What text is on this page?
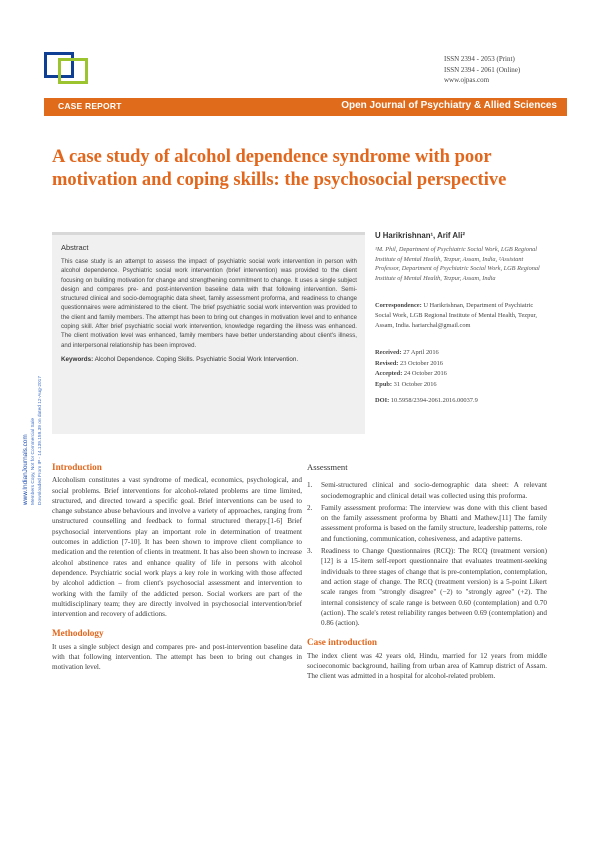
ISSN 2394 - 2053 (Print)
ISSN 2394 - 2061 (Online)
www.ojpas.com
CASE REPORT	Open Journal of Psychiatry & Allied Sciences
A case study of alcohol dependence syndrome with poor motivation and coping skills: the psychosocial perspective
Abstract
This case study is an attempt to assess the impact of psychiatric social work intervention in person with alcohol dependence. Psychiatric social work intervention (brief intervention) was provided to the client focusing on building motivation for change and strengthening commitment to change. It uses a single subject design and compares pre- and post-intervention baseline data with that following intervention. Semi-structured clinical and socio-demographic data sheet, family assessment proforma, and readiness to change questionnaires were administered to the client. The brief psychiatric social work intervention was provided to the client and family members. The attempt has been to bring out changes in motivation level and to enhance coping skill. After brief psychiatric social work intervention, knowledge regarding the illness was enhanced. The client motivation level was enhanced, family members have better understanding about client's illness, and interpersonal relationship has been improved.
Keywords: Alcohol Dependence. Coping Skills. Psychiatric Social Work Intervention.
U Harikrishnan¹, Arif Ali²
¹M. Phil, Department of Psychiatric Social Work, LGB Regional Institute of Mental Health, Tezpur, Assam, India, ²Assistant Professor, Department of Psychiatric Social Work, LGB Regional Institute of Mental Health, Tezpur, Assam, India
Correspondence: U Harikrishnan, Department of Psychiatric Social Work, LGB Regional Institute of Mental Health, Tezpur, Assam, India. hariarchal@gmail.com
Received: 27 April 2016
Revised: 23 October 2016
Accepted: 24 October 2016
Epub: 31 October 2016
DOI: 10.5958/2394-2061.2016.00037.9
www.IndianJournals.com Members Copy, Not for Commercial Sale Downloaded From IP - 14.139.159.39 on dated 12-Aug-2017 Introduction

Alcoholism constitutes a vast syndrome of medical, economics, psychological, and social problems. Brief interventions for alcohol-related problems are time limited, structured, and directed toward a specific goal. Brief interventions can be used to change substance abuse behaviours and involve a variety of approaches, ranging from unstructured counselling and feedback to formal structured therapy.[1-6] Brief psychosocial interventions play an important role in determination of treatment outcomes in addiction [7-10]. It has been shown to improve client compliance to medication and the retention of clients in treatment. It has also been shown to increase alcohol abstinence rates and enhance quality of life in persons with alcohol dependence. Psychiatric social work plays a key role in working with those affected by alcohol addiction – from client's psychosocial assessment and intervention to working with the family of the addicted person. Social workers are part of the multidisciplinary team; they are directly involved in psychosocial intervention/brief intervention and recovery of addictions.

Methodology

It uses a single subject design and compares pre- and post-intervention baseline data with that following intervention. The attempt has been to bring out changes in motivation level.

Assessment
1. Semi-structured clinical and socio-demographic data sheet: A relevant sociodemographic and clinical detail was collected using this proforma.
2. Family assessment proforma: The interview was done with this client based on the family assessment proforma by Bhatti and Mathew.[11] The family assessment proforma is based on the family structure, leadership patterns, role and functioning, communication, cohesiveness, and adaptive patterns.
3. Readiness to Change Questionnaires (RCQ): The RCQ (treatment version)[12] is a 15-item self-report questionnaire that evaluates treatment-seeking individuals to three stages of change that is pre-contemplation, contemplation, and action stage of change. The RCQ (treatment version) is a 5-point Likert scale ranges from "strongly disagree" (−2) to "strongly agree" (+2). The internal consistency of scale range is between 0.60 (contemplation) and 0.70 (action). The scale's retest reliability ranges between 0.69 (contemplation) and 0.86 (action).
Case introduction

The index client was 42 years old, Hindu, married for 12 years from middle socioeconomic background, hailing from urban area of Kamrup district of Assam. The client was admitted in a hospital for alcohol-related problem.
